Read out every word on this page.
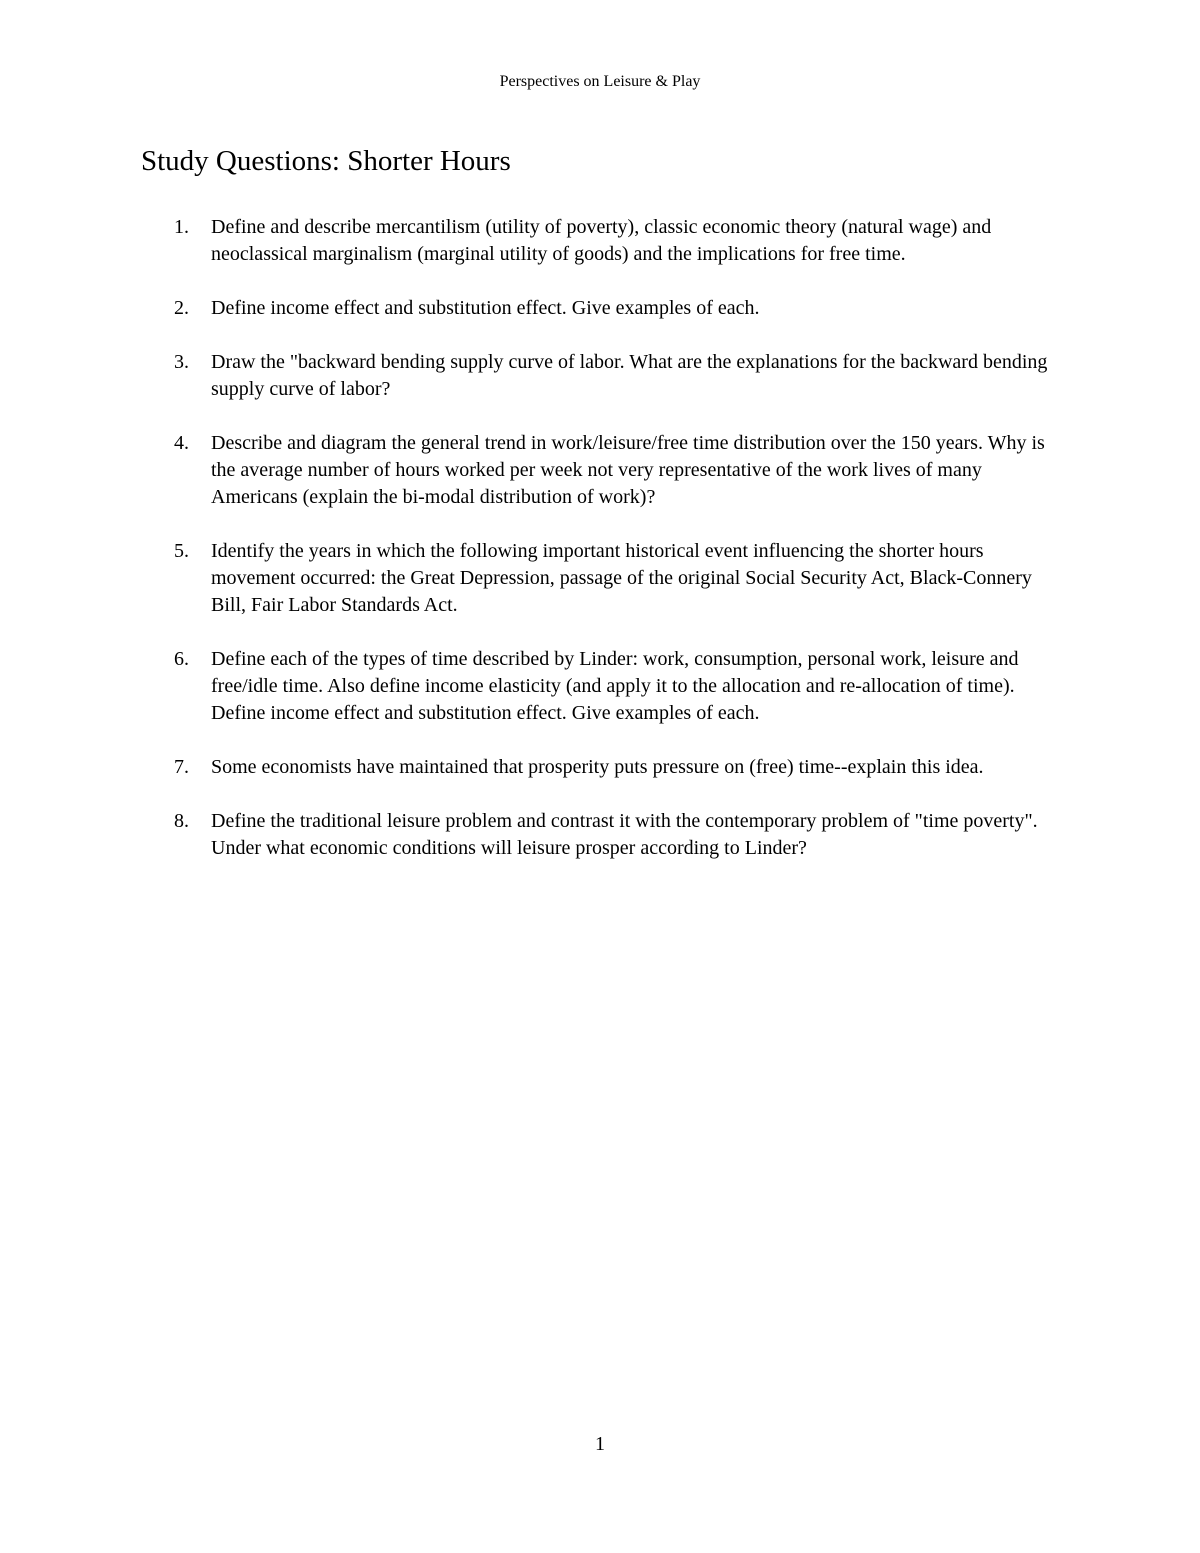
Perspectives on Leisure & Play
Study Questions: Shorter Hours
1. Define and describe mercantilism (utility of poverty), classic economic theory (natural wage) and neoclassical marginalism (marginal utility of goods) and the implications for free time.
2. Define income effect and substitution effect. Give examples of each.
3. Draw the "backward bending supply curve of labor. What are the explanations for the backward bending supply curve of labor?
4. Describe and diagram the general trend in work/leisure/free time distribution over the 150 years. Why is the average number of hours worked per week not very representative of the work lives of many Americans (explain the bi-modal distribution of work)?
5. Identify the years in which the following important historical event influencing the shorter hours movement occurred: the Great Depression, passage of the original Social Security Act, Black-Connery Bill, Fair Labor Standards Act.
6. Define each of the types of time described by Linder: work, consumption, personal work, leisure and free/idle time. Also define income elasticity (and apply it to the allocation and re-allocation of time). Define income effect and substitution effect. Give examples of each.
7. Some economists have maintained that prosperity puts pressure on (free) time--explain this idea.
8. Define the traditional leisure problem and contrast it with the contemporary problem of "time poverty". Under what economic conditions will leisure prosper according to Linder?
1
